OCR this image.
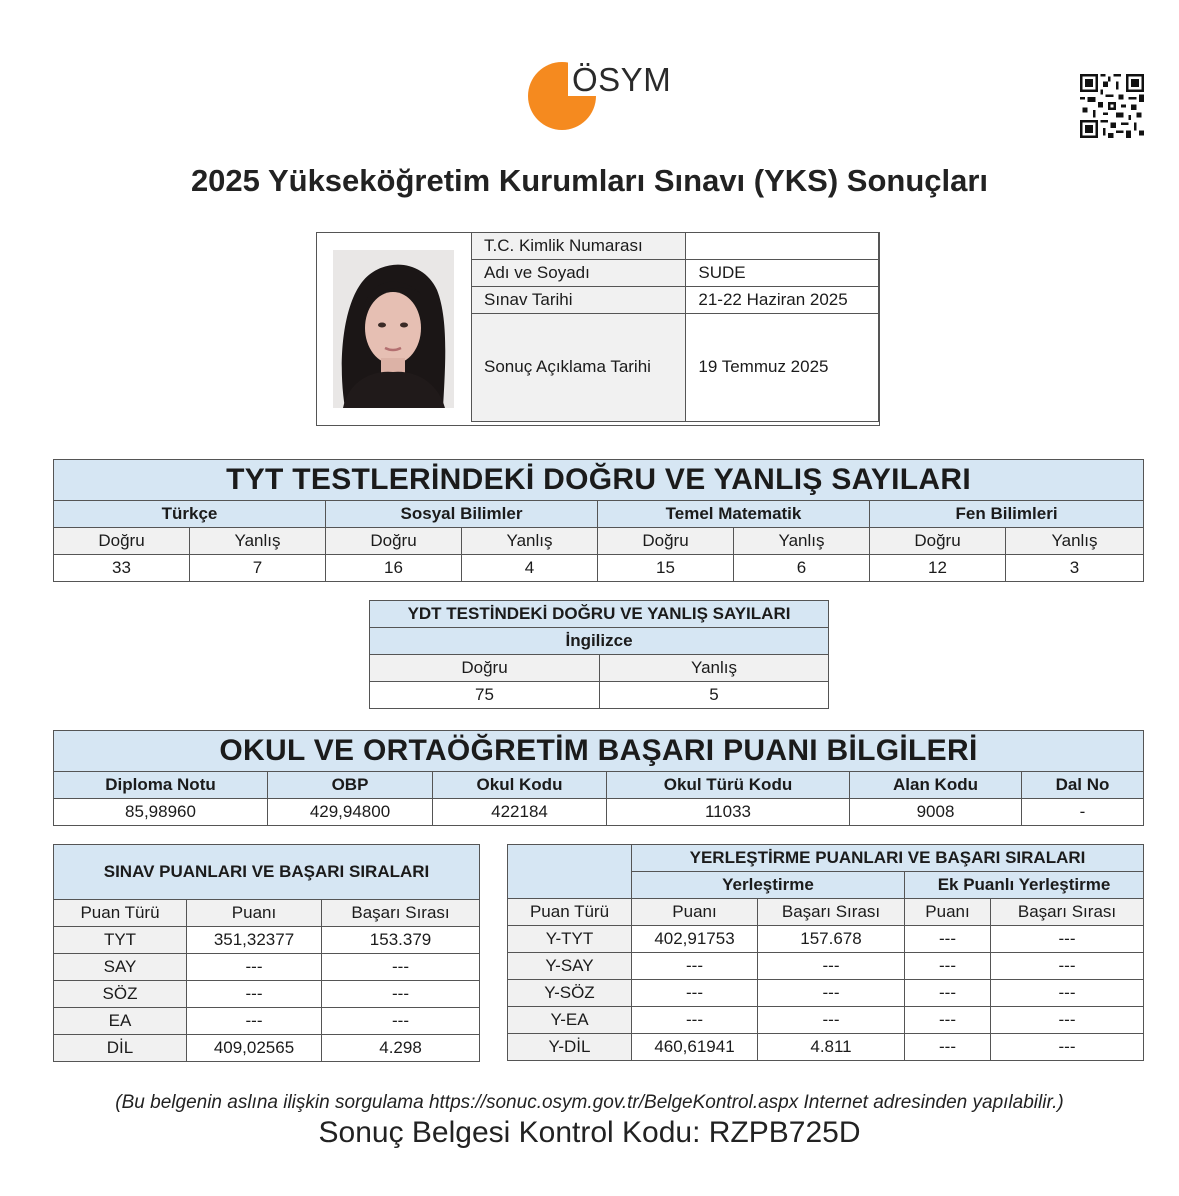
ÖSYM
2025 Yükseköğretim Kurumları Sınavı (YKS) Sonuçları
T.C. Kimlik Numarası	
Adı ve Soyadı	SUDE
Sınav Tarihi	21-22 Haziran 2025
Sonuç Açıklama Tarihi	19 Temmuz 2025
TYT TESTLERİNDEKİ DOĞRU VE YANLIŞ SAYILARI							
Türkçe		Sosyal Bilimler		Temel Matematik		Fen Bilimleri	
Doğru	Yanlış	Doğru	Yanlış	Doğru	Yanlış	Doğru	Yanlış
33	7	16	4	15	6	12	3
YDT TESTİNDEKİ DOĞRU VE YANLIŞ SAYILARI	
İngilizce	
Doğru	Yanlış
75	5
OKUL VE ORTAÖĞRETİM BAŞARI PUANI BİLGİLERİ					
Diploma Notu	OBP	Okul Kodu	Okul Türü Kodu	Alan Kodu	Dal No
85,98960	429,94800	422184	11033	9008	-
SINAV PUANLARI VE BAŞARI SIRALARI		
Puan Türü	Puanı	Başarı Sırası
TYT	351,32377	153.379
SAY	---	---
SÖZ	---	---
EA	---	---
DİL	409,02565	4.298
	YERLEŞTİRME PUANLARI VE BAŞARI SIRALARI			
	Yerleştirme		Ek Puanlı Yerleştirme	
Puan Türü	Puanı	Başarı Sırası	Puanı	Başarı Sırası
Y-TYT	402,91753	157.678	---	---
Y-SAY	---	---	---	---
Y-SÖZ	---	---	---	---
Y-EA	---	---	---	---
Y-DİL	460,61941	4.811	---	---
(Bu belgenin aslına ilişkin sorgulama https://sonuc.osym.gov.tr/BelgeKontrol.aspx Internet adresinden yapılabilir.)
Sonuç Belgesi Kontrol Kodu: RZPB725D
